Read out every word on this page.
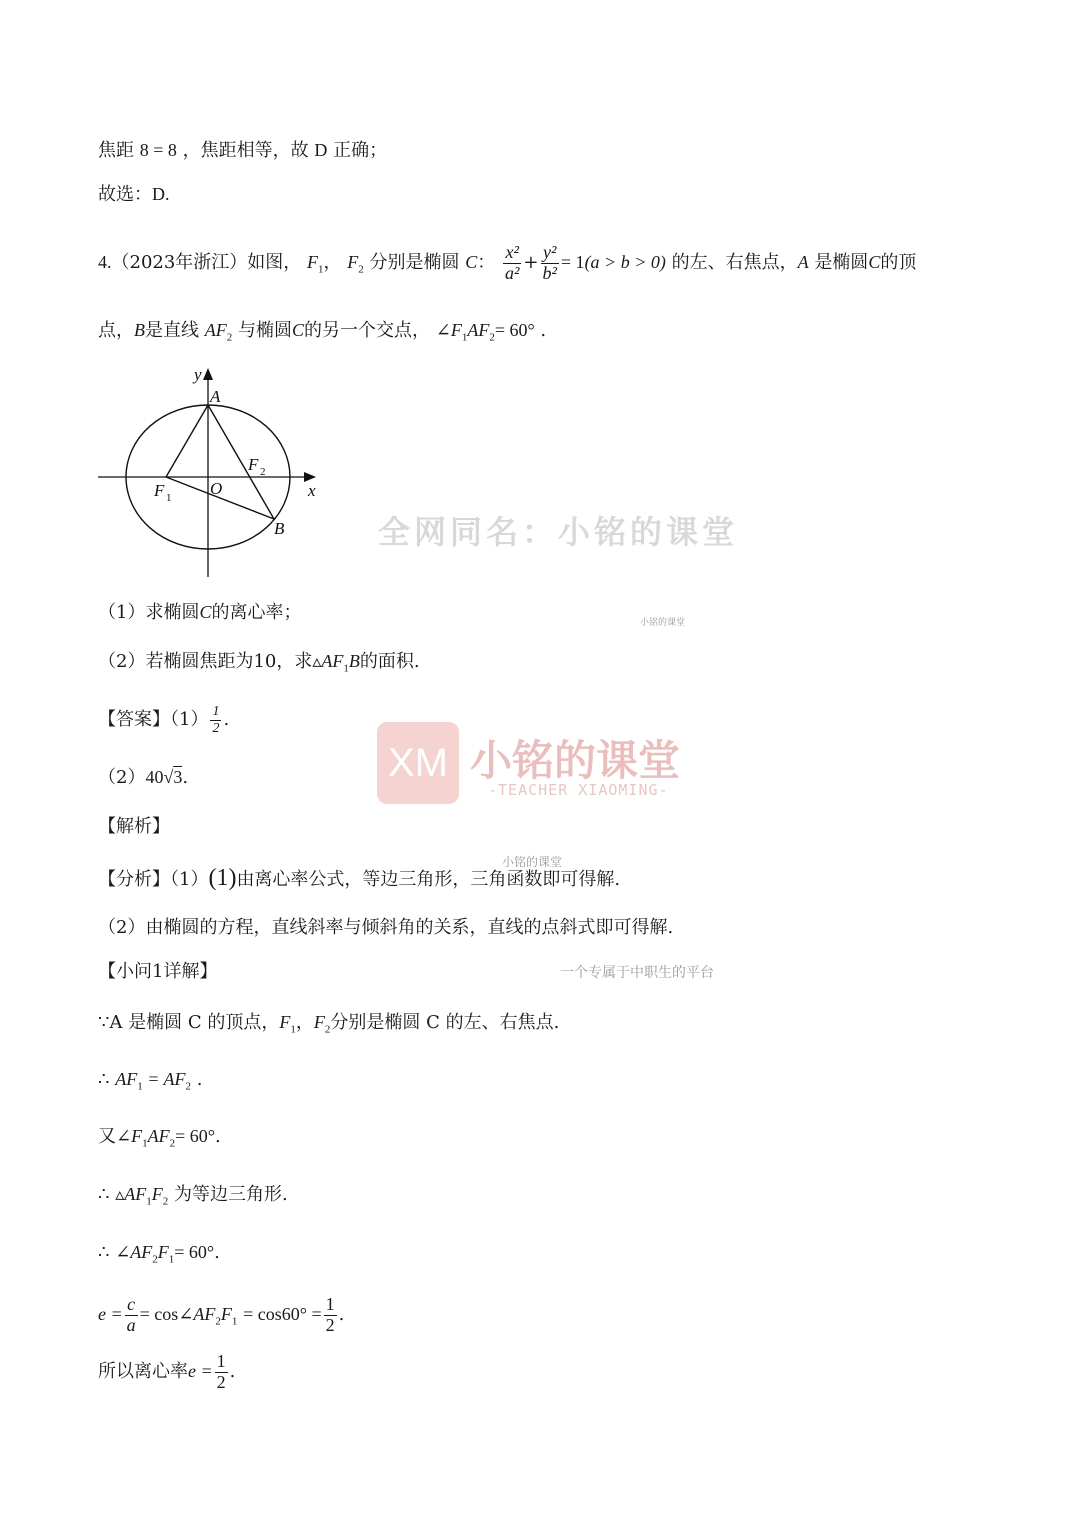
焦距 8 = 8 ，焦距相等，故 D 正确；
故选：D.
4.（2023年浙江）如图， $F_1$， $F_2$ 分别是椭圆 C： $\frac{\text{x²}}{\text{a²}} + \frac{\text{y²}}{\text{b²}} = 1(a > b > 0)$ 的左、右焦点，A 是椭圆C的顶
点，B是直线 $AF_2$ 与椭圆C的另一个交点， $\angle F_1AF_2= 60^\circ$ .
y
x
A
F 2
F 1 O
B	全网同名：小铭的课堂
XM 小铭的课堂
-TEACHER XIAOMING-
小铭的课堂
小铭的课堂
一个专属于中职生的平台
（1）求椭圆C的离心率；
（2）若椭圆焦距为10，求$▵AF_1B$的面积.
【答案】$(1) \frac{1}{2}$ .
（2）40√3.
【解析】
【分析】（1）(1)由离心率公式，等边三角形，三角函数即可得解.
（2）由椭圆的方程，直线斜率与倾斜角的关系，直线的点斜式即可得解.
【小问1详解】
∵A 是椭圆 C 的顶点，$F_1$，$F_2$分别是椭圆 C 的左、右焦点.
∴ $AF_1 = AF_2$ .
又$\angle F_1AF_2= 60^\circ$.
∴ $▵AF_1F_2$ 为等边三角形.
∴ $\angle AF_2F_1= 60^\circ$.
$e = \frac{c}{a}$ = $\cos\angle AF_2F_1 = \cos 60^\circ = \frac{1}{2}$ .
所以离心率$e = \frac{1}{2}$ .
